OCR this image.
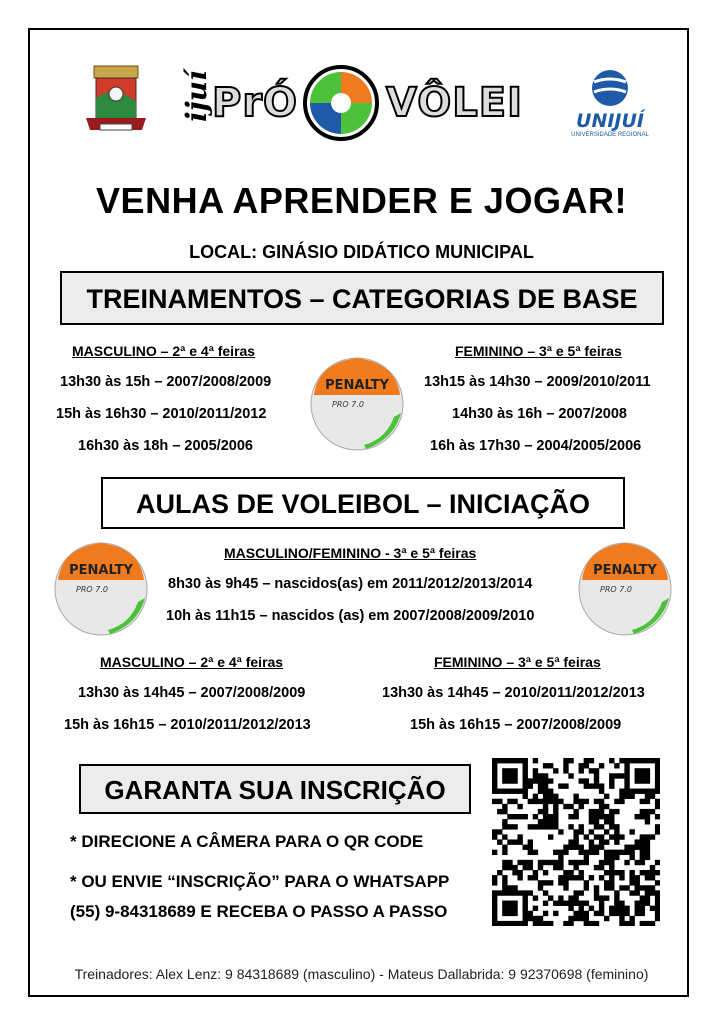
ijuí PrÓ VÔLEI	UNIJUÍ
UNIVERSIDADE REGIONAL
VENHA APRENDER E JOGAR!
LOCAL: GINÁSIO DIDÁTICO MUNICIPAL
TREINAMENTOS – CATEGORIAS DE BASE
MASCULINO – 2ª e 4ª feiras
13h30 às 15h – 2007/2008/2009
15h às 16h30 – 2010/2011/2012
16h30 às 18h – 2005/2006
FEMININO – 3ª e 5ª feiras
13h15 às 14h30 – 2009/2010/2011
14h30 às 16h – 2007/2008
16h às 17h30 – 2004/2005/2006
PENALTY
PRO 7.0
AULAS DE VOLEIBOL – INICIAÇÃO
PENALTY
PRO 7.0
PENALTY
PRO 7.0
MASCULINO/FEMININO - 3ª e 5ª feiras
8h30 às 9h45 – nascidos(as) em 2011/2012/2013/2014
10h às 11h15 – nascidos (as) em 2007/2008/2009/2010
MASCULINO – 2ª e 4ª feiras
13h30 às 14h45 – 2007/2008/2009
15h às 16h15 – 2010/2011/2012/2013
FEMININO – 3ª e 5ª feiras
13h30 às 14h45 – 2010/2011/2012/2013
15h às 16h15 – 2007/2008/2009
GARANTA SUA INSCRIÇÃO
* DIRECIONE A CÂMERA PARA O QR CODE
* OU ENVIE “INSCRIÇÃO” PARA O WHATSAPP
(55) 9-84318689 E RECEBA O PASSO A PASSO
Treinadores: Alex Lenz: 9 84318689 (masculino) - Mateus Dallabrida: 9 92370698 (feminino)
